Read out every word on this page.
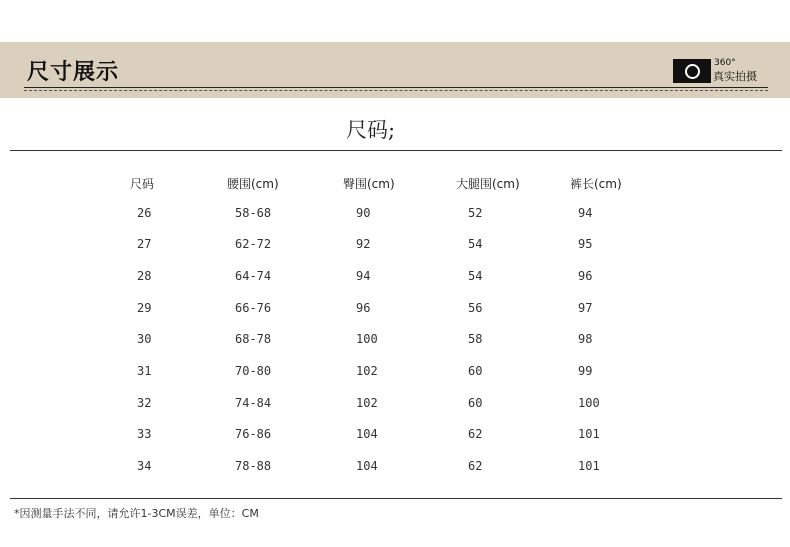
尺寸展示	360°
真实拍摄
尺码;
尺码	腰围(cm)	臀围(cm)	大腿围(cm)	裤长(cm)
26	58-68	90	52	94
27	62-72	92	54	95
28	64-74	94	54	96
29	66-76	96	56	97
30	68-78	100	58	98
31	70-80	102	60	99
32	74-84	102	60	100
33	76-86	104	62	101
34	78-88	104	62	101
*因测量手法不同，请允许1-3CM误差，单位：CM
